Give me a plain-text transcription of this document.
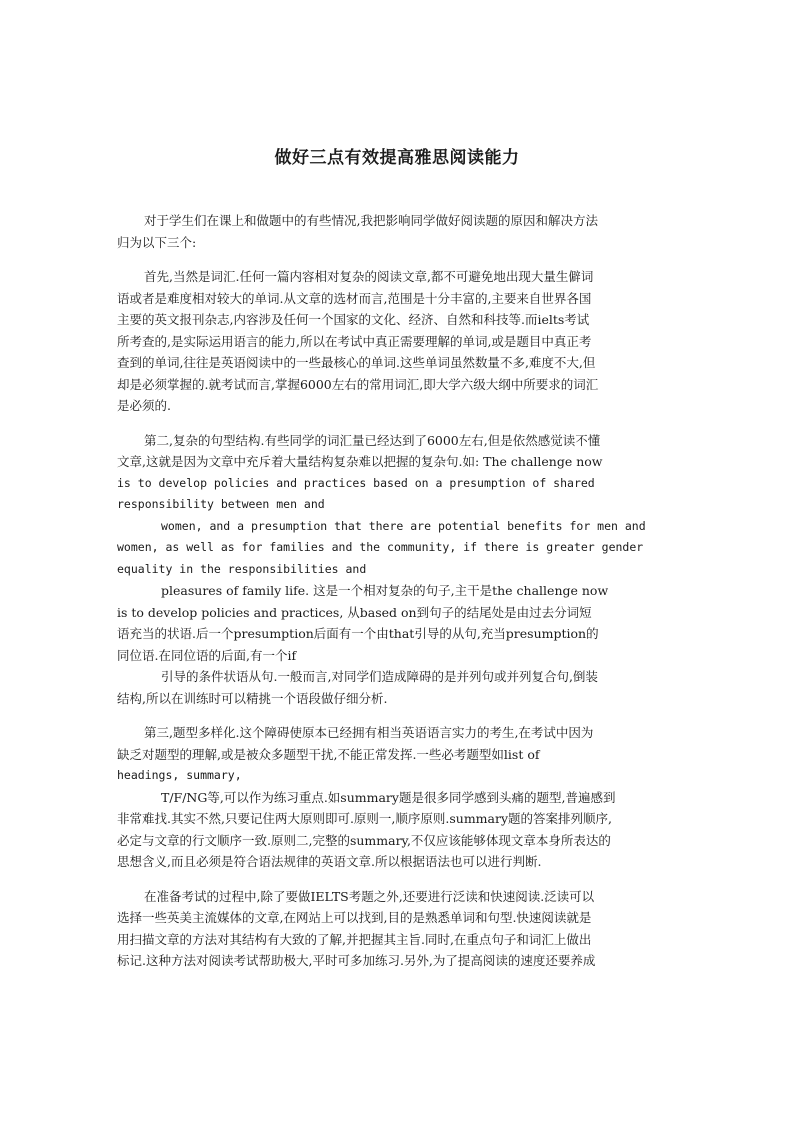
做好三点有效提高雅思阅读能力
对于学生们在课上和做题中的有些情况,我把影响同学做好阅读题的原因和解决方法
归为以下三个:
首先,当然是词汇.任何一篇内容相对复杂的阅读文章,都不可避免地出现大量生僻词
语或者是难度相对较大的单词.从文章的选材而言,范围是十分丰富的,主要来自世界各国
主要的英文报刊杂志,内容涉及任何一个国家的文化、经济、自然和科技等.而ielts考试
所考查的,是实际运用语言的能力,所以在考试中真正需要理解的单词,或是题目中真正考
查到的单词,往往是英语阅读中的一些最核心的单词.这些单词虽然数量不多,难度不大,但
却是必须掌握的.就考试而言,掌握6000左右的常用词汇,即大学六级大纲中所要求的词汇
是必须的.
第二,复杂的句型结构.有些同学的词汇量已经达到了6000左右,但是依然感觉读不懂
文章,这就是因为文章中充斥着大量结构复杂难以把握的复杂句.如: The challenge now
is to develop policies and practices based on a presumption of shared
responsibility between men and
women, and a presumption that there are potential benefits for men and
women, as well as for families and the community, if there is greater gender
equality in the responsibilities and
pleasures of family life. 这是一个相对复杂的句子,主干是the challenge now
is to develop policies and practices, 从based on到句子的结尾处是由过去分词短
语充当的状语.后一个presumption后面有一个由that引导的从句,充当presumption的
同位语.在同位语的后面,有一个if
引导的条件状语从句.一般而言,对同学们造成障碍的是并列句或并列复合句,倒装
结构,所以在训练时可以精挑一个语段做仔细分析.
第三,题型多样化.这个障碍使原本已经拥有相当英语语言实力的考生,在考试中因为
缺乏对题型的理解,或是被众多题型干扰,不能正常发挥.一些必考题型如list of
headings, summary,
T/F/NG等,可以作为练习重点.如summary题是很多同学感到头痛的题型,普遍感到
非常难找.其实不然,只要记住两大原则即可.原则一,顺序原则.summary题的答案排列顺序,
必定与文章的行文顺序一致.原则二,完整的summary,不仅应该能够体现文章本身所表达的
思想含义,而且必须是符合语法规律的英语文章.所以根据语法也可以进行判断.
在准备考试的过程中,除了要做IELTS考题之外,还要进行泛读和快速阅读.泛读可以
选择一些英美主流媒体的文章,在网站上可以找到,目的是熟悉单词和句型.快速阅读就是
用扫描文章的方法对其结构有大致的了解,并把握其主旨.同时,在重点句子和词汇上做出
标记.这种方法对阅读考试帮助极大,平时可多加练习.另外,为了提高阅读的速度还要养成
